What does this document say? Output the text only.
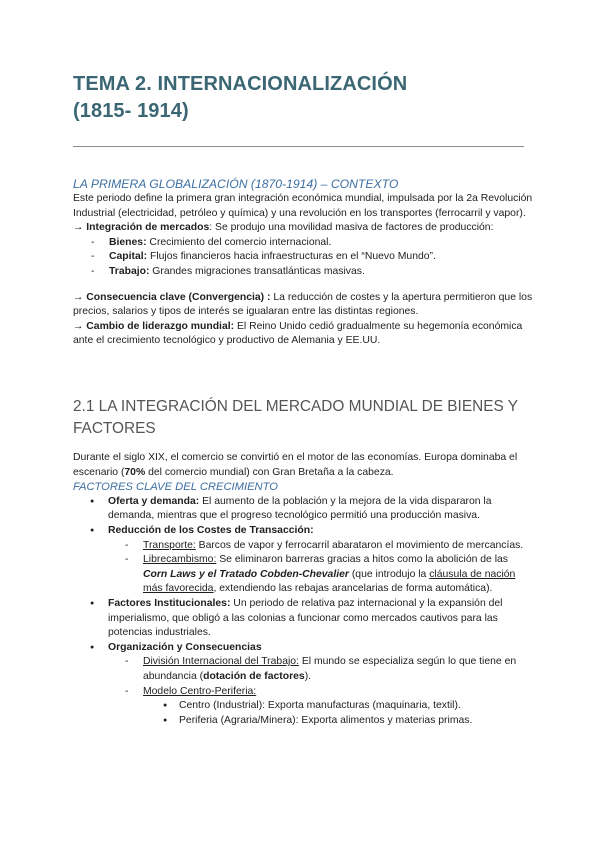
TEMA 2. INTERNACIONALIZACIÓN
(1815- 1914)
LA PRIMERA GLOBALIZACIÓN (1870-1914) – CONTEXTO

Este periodo define la primera gran integración económica mundial, impulsada por la 2a Revolución Industrial (electricidad, petróleo y química) y una revolución en los transportes (ferrocarril y vapor).

→ Integración de mercados: Se produjo una movilidad masiva de factores de producción:

- Bienes: Crecimiento del comercio internacional.
- Capital: Flujos financieros hacia infraestructuras en el “Nuevo Mundo”.
- Trabajo: Grandes migraciones transatlánticas masivas.

→ Consecuencia clave (Convergencia) : La reducción de costes y la apertura permitieron que los precios, salarios y tipos de interés se igualaran entre las distintas regiones.

→ Cambio de liderazgo mundial: El Reino Unido cedió gradualmente su hegemonía económica ante el crecimiento tecnológico y productivo de Alemania y EE.UU.

2.1 LA INTEGRACIÓN DEL MERCADO MUNDIAL DE BIENES Y FACTORES

Durante el siglo XIX, el comercio se convirtió en el motor de las economías. Europa dominaba el escenario (70% del comercio mundial) con Gran Bretaña a la cabeza.

FACTORES CLAVE DEL CRECIMIENTO
● Oferta y demanda: El aumento de la población y la mejora de la vida dispararon la demanda, mientras que el progreso tecnológico permitió una producción masiva.
● Reducción de los Costes de Transacción:
- Transporte: Barcos de vapor y ferrocarril abarataron el movimiento de mercancías.
- Librecambismo: Se eliminaron barreras gracias a hitos como la abolición de las Corn Laws y el Tratado Cobden-Chevalier (que introdujo la cláusula de nación más favorecida, extendiendo las rebajas arancelarias de forma automática).
● Factores Institucionales: Un periodo de relativa paz internacional y la expansión del imperialismo, que obligó a las colonias a funcionar como mercados cautivos para las potencias industriales.
● Organización y Consecuencias
- División Internacional del Trabajo: El mundo se especializa según lo que tiene en abundancia (dotación de factores).
- Modelo Centro-Periferia:
● Centro (Industrial): Exporta manufacturas (maquinaria, textil).
● Periferia (Agraria/Minera): Exporta alimentos y materias primas.
